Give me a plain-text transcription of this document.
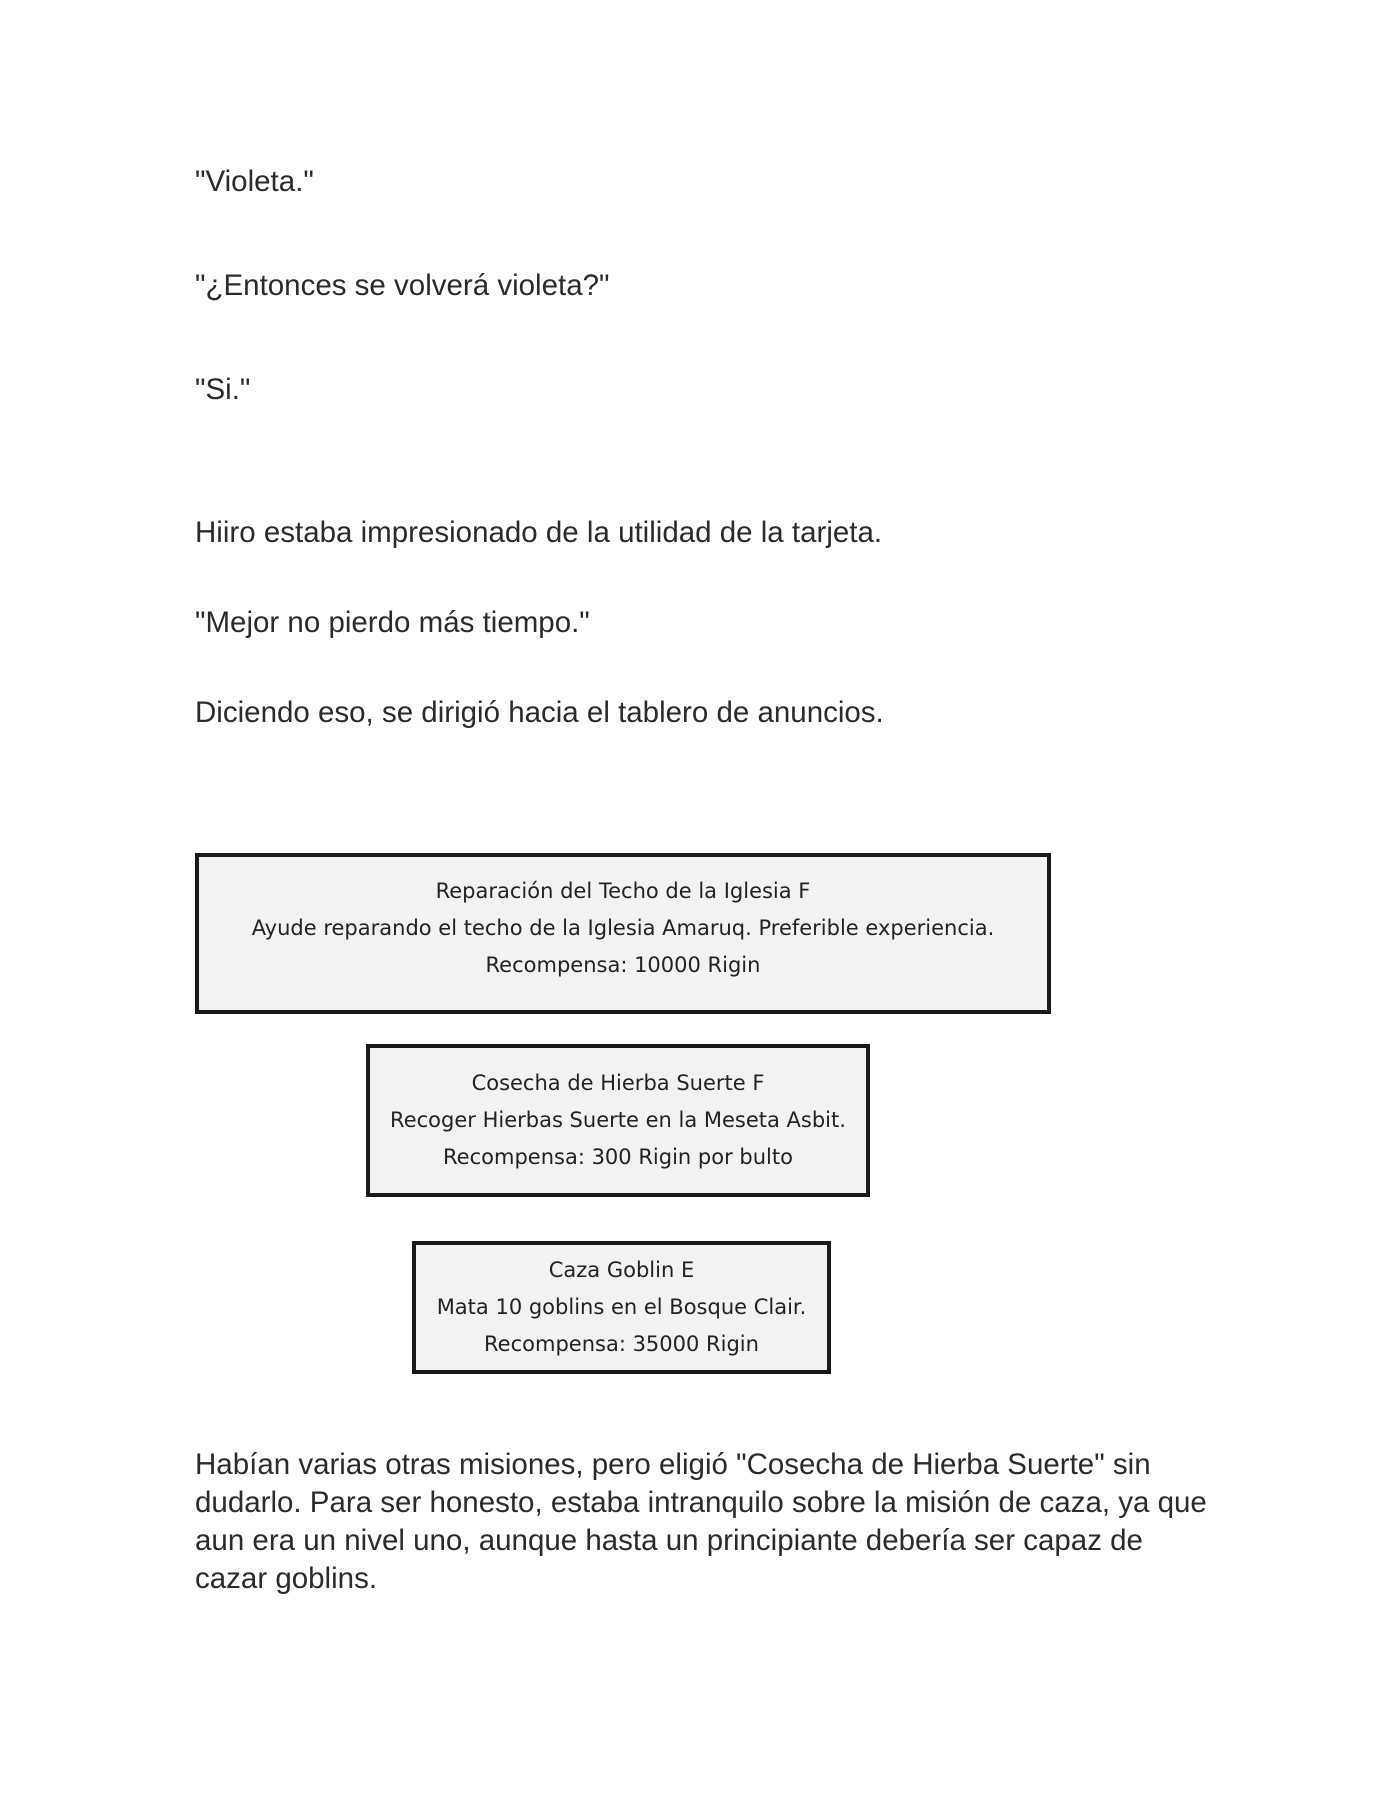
"Violeta."

"¿Entonces se volverá violeta?"

"Si."

Hiiro estaba impresionado de la utilidad de la tarjeta.

"Mejor no pierdo más tiempo."

Diciendo eso, se dirigió hacia el tablero de anuncios.

Reparación del Techo de la Iglesia F
Ayude reparando el techo de la Iglesia Amaruq. Preferible experiencia.
Recompensa: 10000 Rigin
Cosecha de Hierba Suerte F
Recoger Hierbas Suerte en la Meseta Asbit.
Recompensa: 300 Rigin por bulto
Caza Goblin E
Mata 10 goblins en el Bosque Clair.
Recompensa: 35000 Rigin

Habían varias otras misiones, pero eligió "Cosecha de Hierba Suerte" sin dudarlo. Para ser honesto, estaba intranquilo sobre la misión de caza, ya que aun era un nivel uno, aunque hasta un principiante debería ser capaz de cazar goblins.
